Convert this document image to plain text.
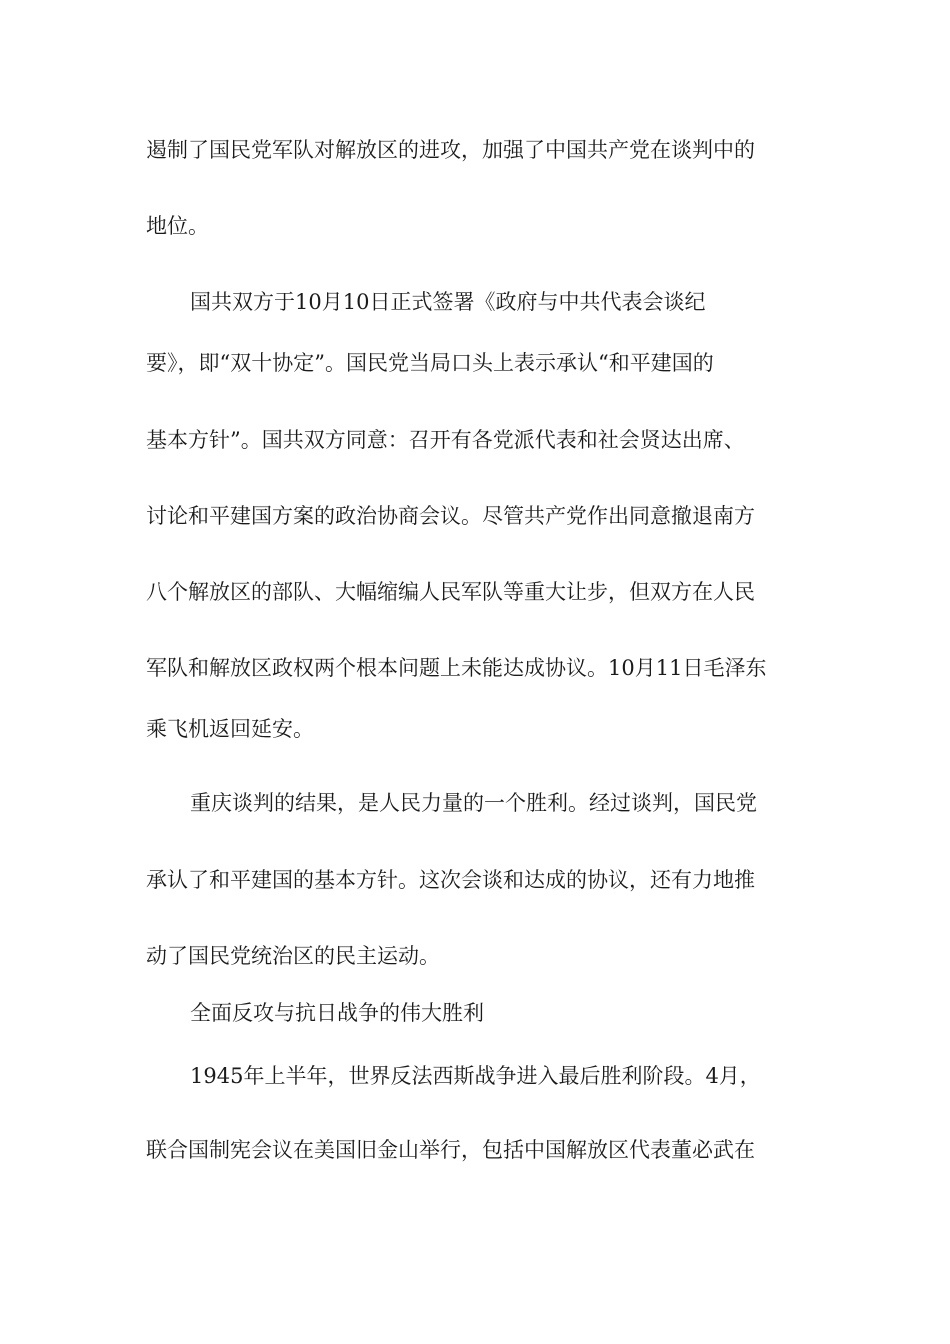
遏制了国民党军队对解放区的进攻，加强了中国共产党在谈判中的
地位。
国共双方于10月10日正式签署《政府与中共代表会谈纪
要》，即“双十协定”。国民党当局口头上表示承认“和平建国的
基本方针”。国共双方同意：召开有各党派代表和社会贤达出席、
讨论和平建国方案的政治协商会议。尽管共产党作出同意撤退南方
八个解放区的部队、大幅缩编人民军队等重大让步，但双方在人民
军队和解放区政权两个根本问题上未能达成协议。10月11日毛泽东
乘飞机返回延安。
重庆谈判的结果，是人民力量的一个胜利。经过谈判，国民党
承认了和平建国的基本方针。这次会谈和达成的协议，还有力地推
动了国民党统治区的民主运动。
全面反攻与抗日战争的伟大胜利
1945年上半年，世界反法西斯战争进入最后胜利阶段。4月，
联合国制宪会议在美国旧金山举行，包括中国解放区代表董必武在
